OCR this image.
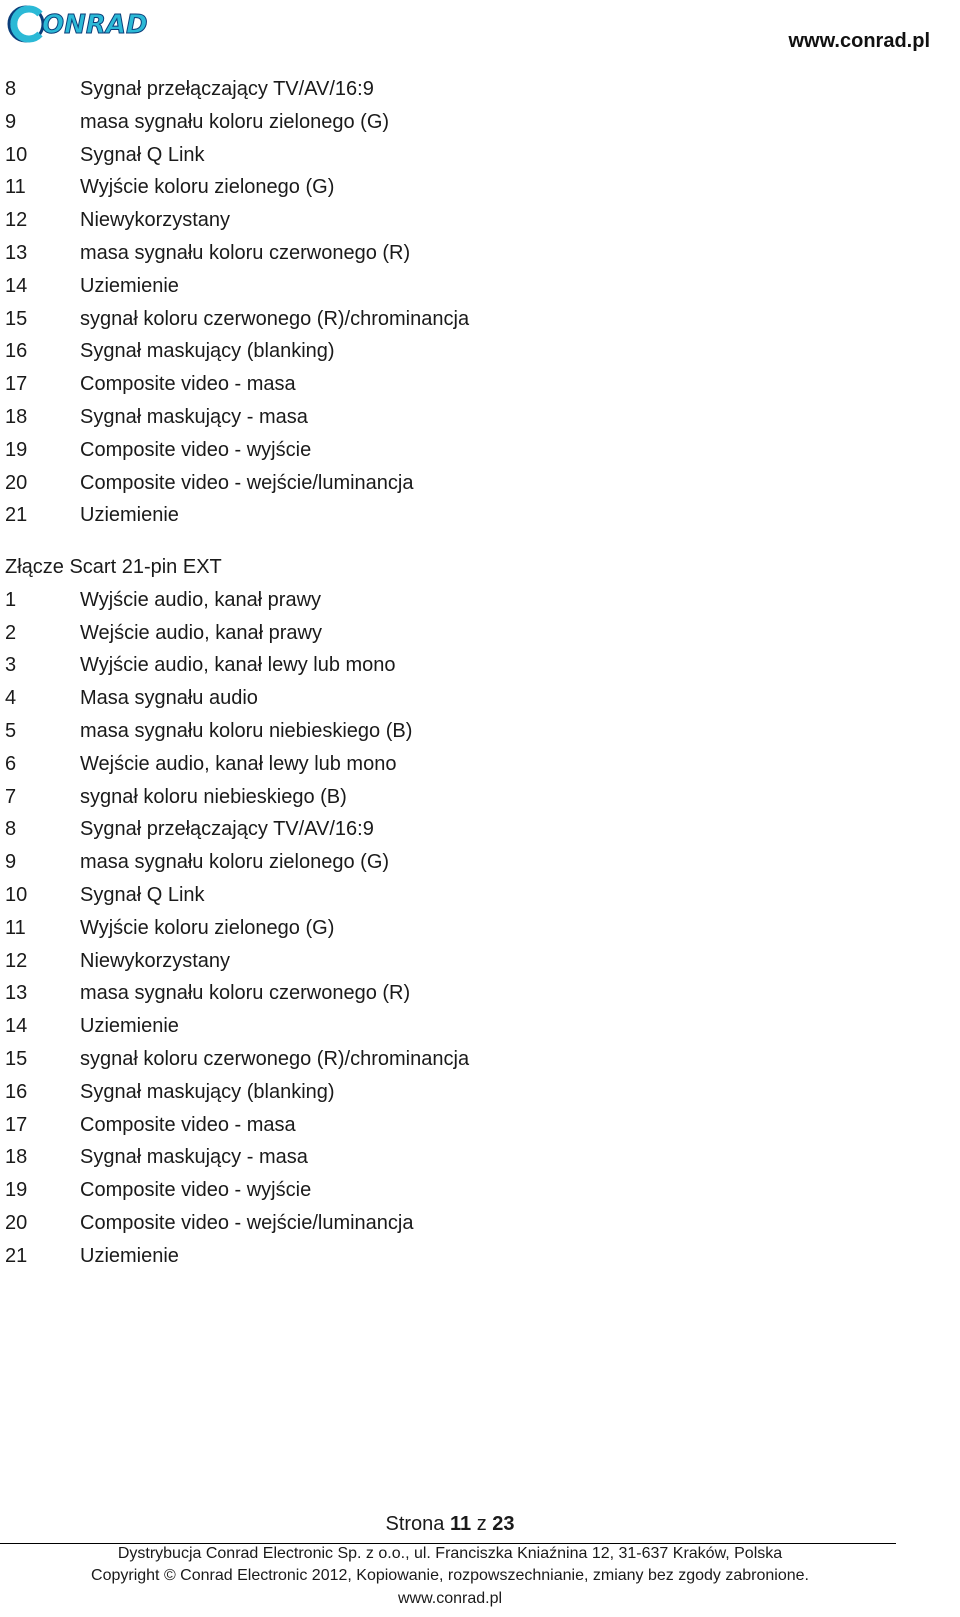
ONRAD
www.conrad.pl
8	Sygnał przełączający TV/AV/16:9
9	masa sygnału koloru zielonego (G)
10	Sygnał Q Link
11	Wyjście koloru zielonego (G)
12	Niewykorzystany
13	masa sygnału koloru czerwonego (R)
14	Uziemienie
15	sygnał koloru czerwonego (R)/chrominancja
16	Sygnał maskujący (blanking)
17	Composite video - masa
18	Sygnał maskujący - masa
19	Composite video - wyjście
20	Composite video - wejście/luminancja
21	Uziemienie
Złącze Scart 21-pin EXT
1	Wyjście audio, kanał prawy
2	Wejście audio, kanał prawy
3	Wyjście audio, kanał lewy lub mono
4	Masa sygnału audio
5	masa sygnału koloru niebieskiego (B)
6	Wejście audio, kanał lewy lub mono
7	sygnał koloru niebieskiego (B)
8	Sygnał przełączający TV/AV/16:9
9	masa sygnału koloru zielonego (G)
10	Sygnał Q Link
11	Wyjście koloru zielonego (G)
12	Niewykorzystany
13	masa sygnału koloru czerwonego (R)
14	Uziemienie
15	sygnał koloru czerwonego (R)/chrominancja
16	Sygnał maskujący (blanking)
17	Composite video - masa
18	Sygnał maskujący - masa
19	Composite video - wyjście
20	Composite video - wejście/luminancja
21	Uziemienie
Strona 11 z 23
Dystrybucja Conrad Electronic Sp. z o.o., ul. Franciszka Kniaźnina 12, 31-637 Kraków, Polska
Copyright © Conrad Electronic 2012, Kopiowanie, rozpowszechnianie, zmiany bez zgody zabronione.
www.conrad.pl
